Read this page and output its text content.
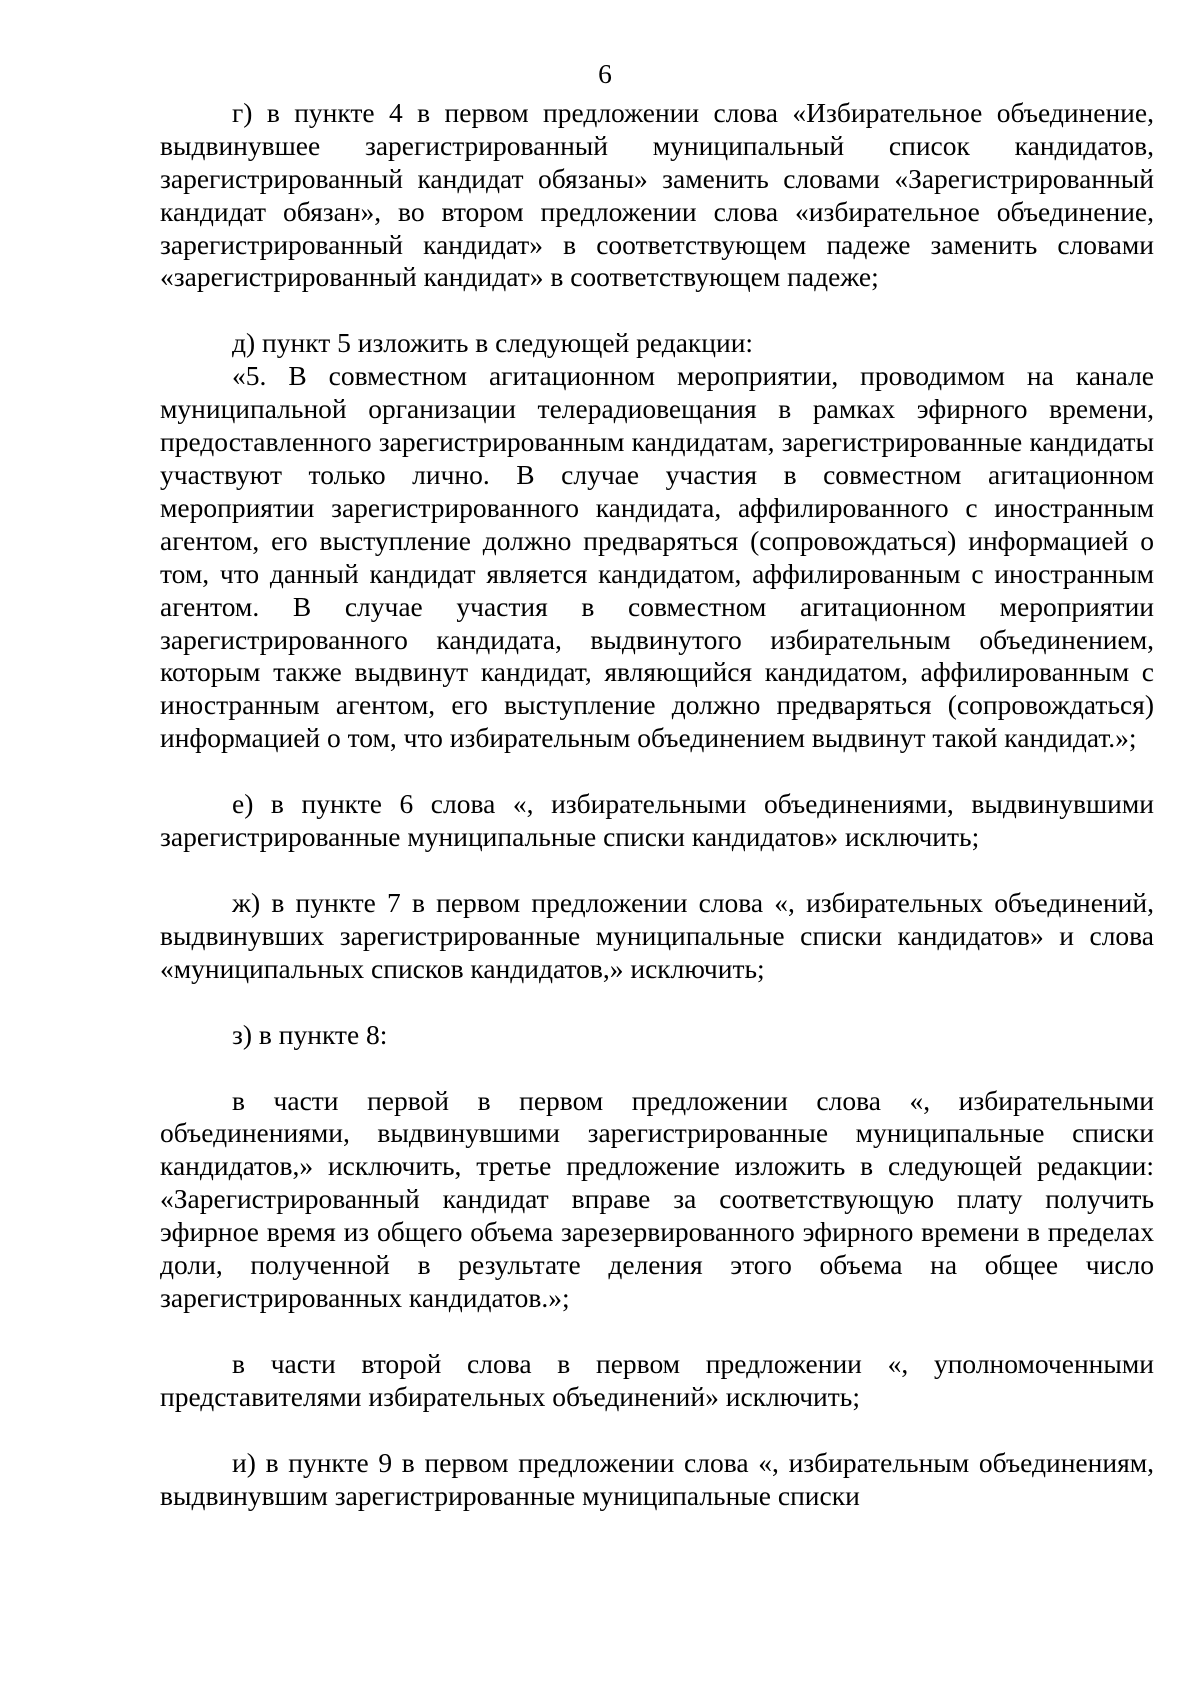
6

г) в пункте 4 в первом предложении слова «Избирательное объединение, выдвинувшее зарегистрированный муниципальный список кандидатов, зарегистрированный кандидат обязаны» заменить словами «Зарегистрированный кандидат обязан», во втором предложении слова «избирательное объединение, зарегистрированный кандидат» в соответствующем падеже заменить словами «зарегистрированный кандидат» в соответствующем падеже;

д) пункт 5 изложить в следующей редакции:

«5. В совместном агитационном мероприятии, проводимом на канале муниципальной организации телерадиовещания в рамках эфирного времени, предоставленного зарегистрированным кандидатам, зарегистрированные кандидаты участвуют только лично. В случае участия в совместном агитационном мероприятии зарегистрированного кандидата, аффилированного с иностранным агентом, его выступление должно предваряться (сопровождаться) информацией о том, что данный кандидат является кандидатом, аффилированным с иностранным агентом. В случае участия в совместном агитационном мероприятии зарегистрированного кандидата, выдвинутого избирательным объединением, которым также выдвинут кандидат, являющийся кандидатом, аффилированным с иностранным агентом, его выступление должно предваряться (сопровождаться) информацией о том, что избирательным объединением выдвинут такой кандидат.»;

е) в пункте 6 слова «, избирательными объединениями, выдвинувшими зарегистрированные муниципальные списки кандидатов» исключить;

ж) в пункте 7 в первом предложении слова «, избирательных объединений, выдвинувших зарегистрированные муниципальные списки кандидатов» и слова «муниципальных списков кандидатов,» исключить;

з) в пункте 8:

в части первой в первом предложении слова «, избирательными объединениями, выдвинувшими зарегистрированные муниципальные списки кандидатов,» исключить, третье предложение изложить в следующей редакции: «Зарегистрированный кандидат вправе за соответствующую плату получить эфирное время из общего объема зарезервированного эфирного времени в пределах доли, полученной в результате деления этого объема на общее число зарегистрированных кандидатов.»;

в части второй слова в первом предложении «, уполномоченными представителями избирательных объединений» исключить;

и) в пункте 9 в первом предложении слова «, избирательным объединениям, выдвинувшим зарегистрированные муниципальные списки
